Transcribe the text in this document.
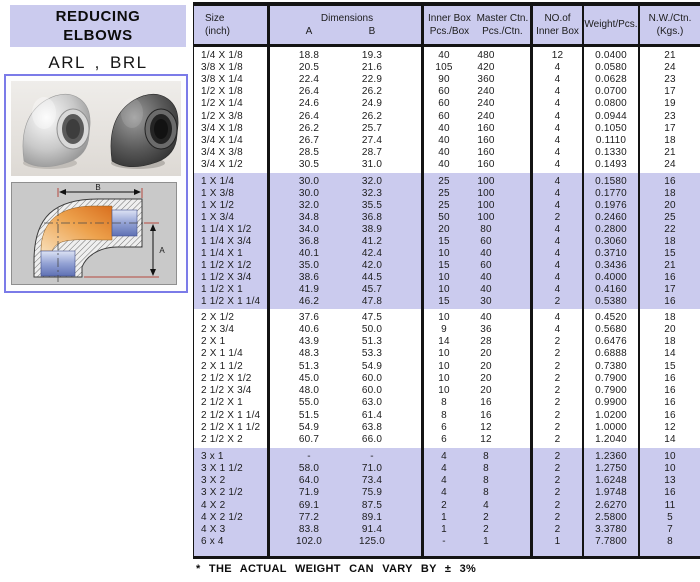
REDUCING
ELBOWS
ARL , BRL
B
A
Size
(inch)
Dimensions
A	B
Inner Box
Pcs./Box
Master Ctn.
Pcs./Ctn.
NO.of
Inner Box
Weight/Pcs.
N.W./Ctn.
(Kgs.)
1/4 X 1/8	18.8	19.3	40	480	12	0.0400	21
3/8 X 1/8	20.5	21.6	105	420	4	0.0580	24
3/8 X 1/4	22.4	22.9	90	360	4	0.0628	23
1/2 X 1/8	26.4	26.2	60	240	4	0.0700	17
1/2 X 1/4	24.6	24.9	60	240	4	0.0800	19
1/2 X 3/8	26.4	26.2	60	240	4	0.0944	23
3/4 X 1/8	26.2	25.7	40	160	4	0.1050	17
3/4 X 1/4	26.7	27.4	40	160	4	0.1110	18
3/4 X 3/8	28.5	28.7	40	160	4	0.1330	21
3/4 X 1/2	30.5	31.0	40	160	4	0.1493	24
1 X 1/4	30.0	32.0	25	100	4	0.1580	16
1 X 3/8	30.0	32.3	25	100	4	0.1770	18
1 X 1/2	32.0	35.5	25	100	4	0.1976	20
1 X 3/4	34.8	36.8	50	100	2	0.2460	25
1 1/4 X 1/2	34.0	38.9	20	80	4	0.2800	22
1 1/4 X 3/4	36.8	41.2	15	60	4	0.3060	18
1 1/4 X 1	40.1	42.4	10	40	4	0.3710	15
1 1/2 X 1/2	35.0	42.0	15	60	4	0.3436	21
1 1/2 X 3/4	38.6	44.5	10	40	4	0.4000	16
1 1/2 X 1	41.9	45.7	10	40	4	0.4160	17
1 1/2 X 1 1/4	46.2	47.8	15	30	2	0.5380	16
2 X 1/2	37.6	47.5	10	40	4	0.4520	18
2 X 3/4	40.6	50.0	9	36	4	0.5680	20
2 X 1	43.9	51.3	14	28	2	0.6476	18
2 X 1 1/4	48.3	53.3	10	20	2	0.6888	14
2 X 1 1/2	51.3	54.9	10	20	2	0.7380	15
2 1/2 X 1/2	45.0	60.0	10	20	2	0.7900	16
2 1/2 X 3/4	48.0	60.0	10	20	2	0.7900	16
2 1/2 X 1	55.0	63.0	8	16	2	0.9900	16
2 1/2 X 1 1/4	51.5	61.4	8	16	2	1.0200	16
2 1/2 X 1 1/2	54.9	63.8	6	12	2	1.0000	12
2 1/2 X 2	60.7	66.0	6	12	2	1.2040	14
3 x 1	-	-	4	8	2	1.2360	10
3 X 1 1/2	58.0	71.0	4	8	2	1.2750	10
3 X 2	64.0	73.4	4	8	2	1.6248	13
3 X 2 1/2	71.9	75.9	4	8	2	1.9748	16
4 X 2	69.1	87.5	2	4	2	2.6270	11
4 X 2 1/2	77.2	89.1	1	2	2	2.5800	5
4 X 3	83.8	91.4	1	2	2	3.3780	7
6 x 4	102.0	125.0	-	1	1	7.7800	8
* THE ACTUAL WEIGHT CAN VARY BY ± 3%
